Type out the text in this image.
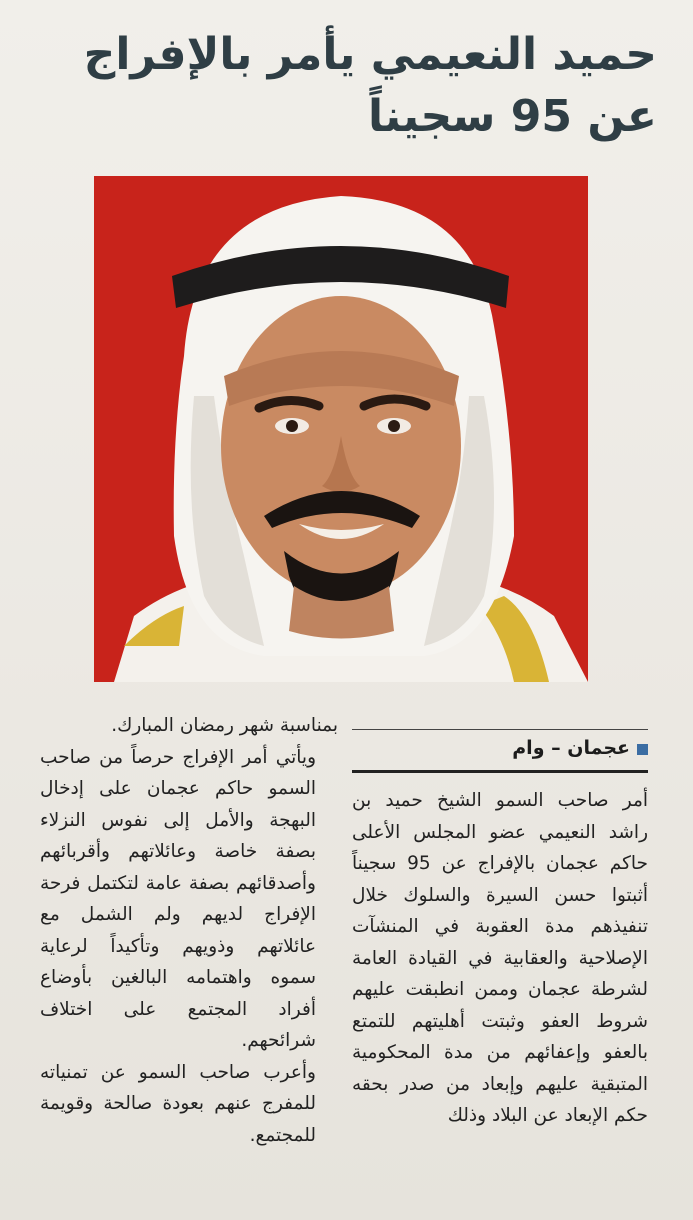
حميد النعيمي يأمر بالإفراج
عن 95 سجيناً
عجمان – وام

أمر صاحب السمو الشيخ حميد بن راشد النعيمي عضو المجلس الأعلى حاكم عجمان بالإفراج عن 95 سجيناً أثبتوا حسن السيرة والسلوك خلال تنفيذهم مدة العقوبة في المنشآت الإصلاحية والعقابية في القيادة العامة لشرطة عجمان وممن انطبقت عليهم شروط العفو وثبتت أهليتهم للتمتع بالعفو وإعفائهم من مدة المحكومية المتبقية عليهم وإبعاد من صدر بحقه حكم الإبعاد عن البلاد وذلك

بمناسبة شهر رمضان المبارك.

ويأتي أمر الإفراج حرصاً من صاحب السمو حاكم عجمان على إدخال البهجة والأمل إلى نفوس النزلاء بصفة خاصة وعائلاتهم وأقربائهم وأصدقائهم بصفة عامة لتكتمل فرحة الإفراج لديهم ولم الشمل مع عائلاتهم وذويهم وتأكيداً لرعاية سموه واهتمامه البالغين بأوضاع أفراد المجتمع على اختلاف شرائحهم.

وأعرب صاحب السمو عن تمنياته للمفرج عنهم بعودة صالحة وقويمة للمجتمع.
